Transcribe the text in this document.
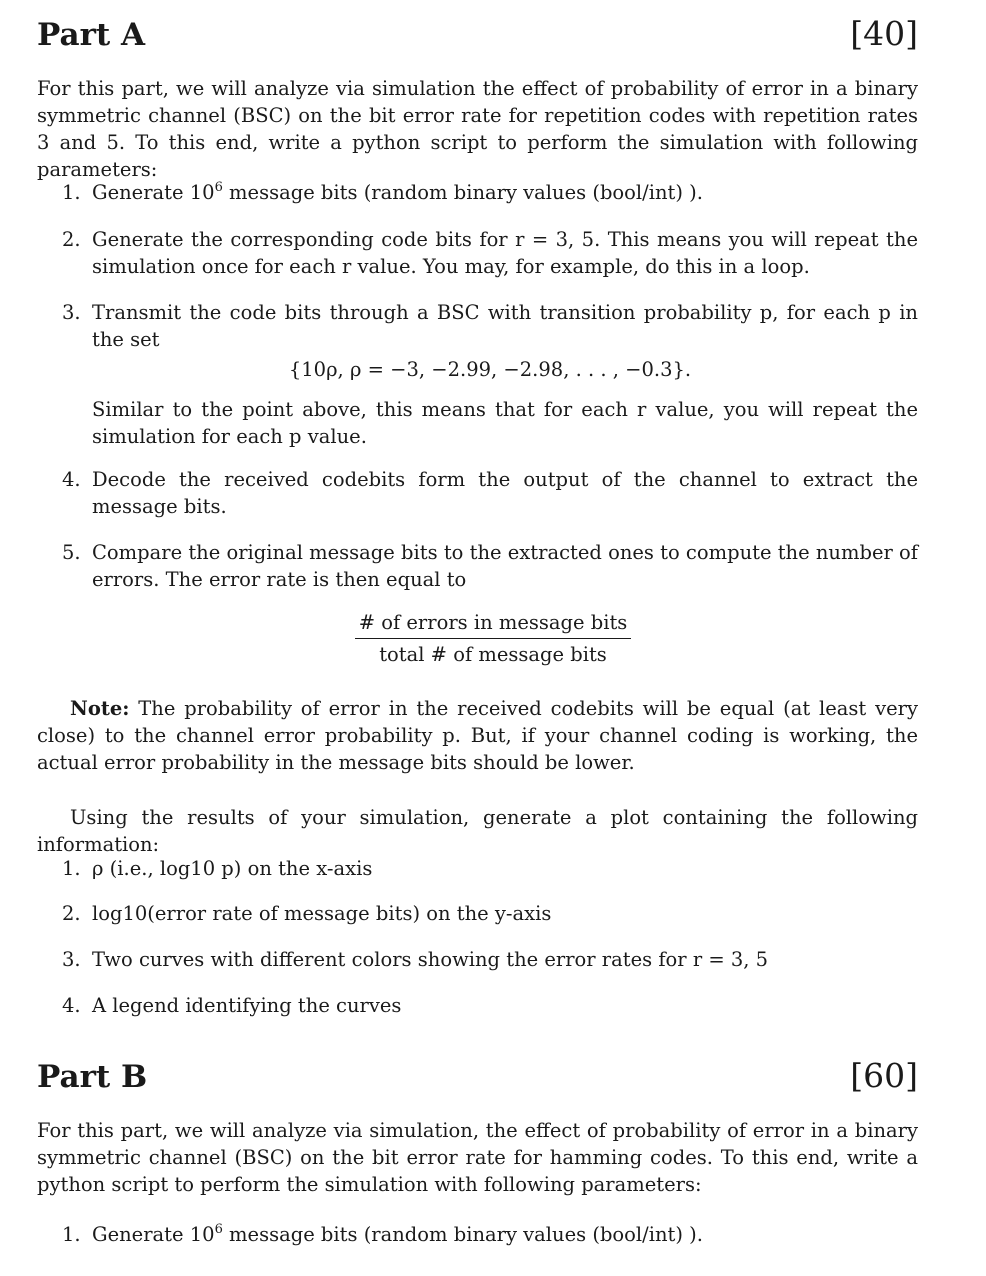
Part A	[40]
For this part, we will analyze via simulation the effect of probability of error in a binary symmetric channel (BSC) on the bit error rate for repetition codes with repetition rates 3 and 5. To this end, write a python script to perform the simulation with following parameters:
1. Generate $10^6$ message bits (random binary values (bool/int) ).
2. Generate the corresponding code bits for r = 3, 5. This means you will repeat the simulation once for each r value. You may, for example, do this in a loop.
3. Transmit the code bits through a BSC with transition probability p, for each p in the set
{10ρ, ρ = −3, −2.99, −2.98, . . . , −0.3}.
Similar to the point above, this means that for each r value, you will repeat the simulation for each p value.
4. Decode the received codebits form the output of the channel to extract the message bits.
5. Compare the original message bits to the extracted ones to compute the number of errors. The error rate is then equal to
$\frac{\text{\# of errors in message bits}}{\text{total \# of message bits}}$
Note: The probability of error in the received codebits will be equal (at least very close) to the channel error probability p. But, if your channel coding is working, the actual error probability in the message bits should be lower.
Using the results of your simulation, generate a plot containing the following information:
1. ρ (i.e., log10 p) on the x-axis
2. log10(error rate of message bits) on the y-axis
3. Two curves with different colors showing the error rates for r = 3, 5
4. A legend identifying the curves
Part B	[60]
For this part, we will analyze via simulation, the effect of probability of error in a binary symmetric channel (BSC) on the bit error rate for hamming codes. To this end, write a python script to perform the simulation with following parameters:
1. Generate $10^6$ message bits (random binary values (bool/int) ).
